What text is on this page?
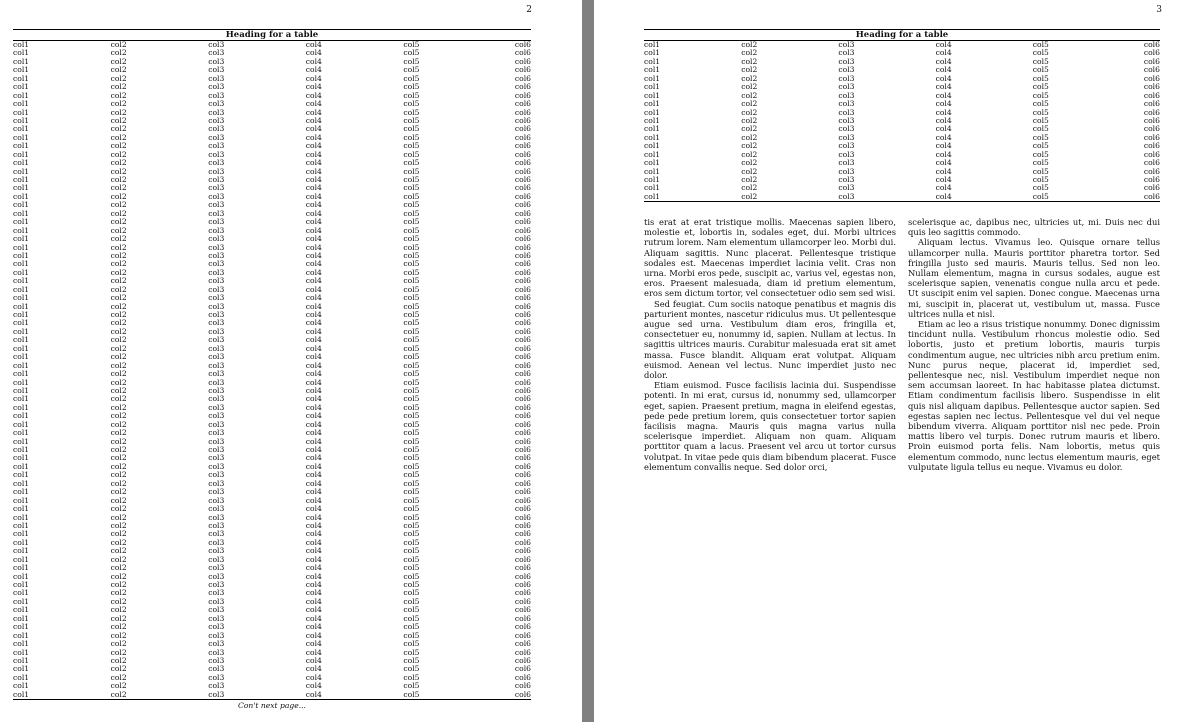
2
Heading for a table
col1	col2	col3	col4	col5	col6
col1	col2	col3	col4	col5	col6
col1	col2	col3	col4	col5	col6
col1	col2	col3	col4	col5	col6
col1	col2	col3	col4	col5	col6
col1	col2	col3	col4	col5	col6
col1	col2	col3	col4	col5	col6
col1	col2	col3	col4	col5	col6
col1	col2	col3	col4	col5	col6
col1	col2	col3	col4	col5	col6
col1	col2	col3	col4	col5	col6
col1	col2	col3	col4	col5	col6
col1	col2	col3	col4	col5	col6
col1	col2	col3	col4	col5	col6
col1	col2	col3	col4	col5	col6
col1	col2	col3	col4	col5	col6
col1	col2	col3	col4	col5	col6
col1	col2	col3	col4	col5	col6
col1	col2	col3	col4	col5	col6
col1	col2	col3	col4	col5	col6
col1	col2	col3	col4	col5	col6
col1	col2	col3	col4	col5	col6
col1	col2	col3	col4	col5	col6
col1	col2	col3	col4	col5	col6
col1	col2	col3	col4	col5	col6
col1	col2	col3	col4	col5	col6
col1	col2	col3	col4	col5	col6
col1	col2	col3	col4	col5	col6
col1	col2	col3	col4	col5	col6
col1	col2	col3	col4	col5	col6
col1	col2	col3	col4	col5	col6
col1	col2	col3	col4	col5	col6
col1	col2	col3	col4	col5	col6
col1	col2	col3	col4	col5	col6
col1	col2	col3	col4	col5	col6
col1	col2	col3	col4	col5	col6
col1	col2	col3	col4	col5	col6
col1	col2	col3	col4	col5	col6
col1	col2	col3	col4	col5	col6
col1	col2	col3	col4	col5	col6
col1	col2	col3	col4	col5	col6
col1	col2	col3	col4	col5	col6
col1	col2	col3	col4	col5	col6
col1	col2	col3	col4	col5	col6
col1	col2	col3	col4	col5	col6
col1	col2	col3	col4	col5	col6
col1	col2	col3	col4	col5	col6
col1	col2	col3	col4	col5	col6
col1	col2	col3	col4	col5	col6
col1	col2	col3	col4	col5	col6
col1	col2	col3	col4	col5	col6
col1	col2	col3	col4	col5	col6
col1	col2	col3	col4	col5	col6
col1	col2	col3	col4	col5	col6
col1	col2	col3	col4	col5	col6
col1	col2	col3	col4	col5	col6
col1	col2	col3	col4	col5	col6
col1	col2	col3	col4	col5	col6
col1	col2	col3	col4	col5	col6
col1	col2	col3	col4	col5	col6
col1	col2	col3	col4	col5	col6
col1	col2	col3	col4	col5	col6
col1	col2	col3	col4	col5	col6
col1	col2	col3	col4	col5	col6
col1	col2	col3	col4	col5	col6
col1	col2	col3	col4	col5	col6
col1	col2	col3	col4	col5	col6
col1	col2	col3	col4	col5	col6
col1	col2	col3	col4	col5	col6
col1	col2	col3	col4	col5	col6
col1	col2	col3	col4	col5	col6
col1	col2	col3	col4	col5	col6
col1	col2	col3	col4	col5	col6
col1	col2	col3	col4	col5	col6
col1	col2	col3	col4	col5	col6
col1	col2	col3	col4	col5	col6
col1	col2	col3	col4	col5	col6
col1	col2	col3	col4	col5	col6
Con't next page...
3
Heading for a table
col1	col2	col3	col4	col5	col6
col1	col2	col3	col4	col5	col6
col1	col2	col3	col4	col5	col6
col1	col2	col3	col4	col5	col6
col1	col2	col3	col4	col5	col6
col1	col2	col3	col4	col5	col6
col1	col2	col3	col4	col5	col6
col1	col2	col3	col4	col5	col6
col1	col2	col3	col4	col5	col6
col1	col2	col3	col4	col5	col6
col1	col2	col3	col4	col5	col6
col1	col2	col3	col4	col5	col6
col1	col2	col3	col4	col5	col6
col1	col2	col3	col4	col5	col6
col1	col2	col3	col4	col5	col6
col1	col2	col3	col4	col5	col6
col1	col2	col3	col4	col5	col6
col1	col2	col3	col4	col5	col6
col1	col2	col3	col4	col5	col6

tis erat at erat tristique mollis. Maecenas sapien libero, molestie et, lobortis in, sodales eget, dui. Morbi ultrices rutrum lorem. Nam elementum ullamcorper leo. Morbi dui. Aliquam sagittis. Nunc placerat. Pellentesque tristique sodales est. Maecenas imperdiet lacinia velit. Cras non urna. Morbi eros pede, suscipit ac, varius vel, egestas non, eros. Praesent malesuada, diam id pretium elementum, eros sem dictum tortor, vel consectetuer odio sem sed wisi.

Sed feugiat. Cum sociis natoque penatibus et magnis dis parturient montes, nascetur ridiculus mus. Ut pellentesque augue sed urna. Vestibulum diam eros, fringilla et, consectetuer eu, nonummy id, sapien. Nullam at lectus. In sagittis ultrices mauris. Curabitur malesuada erat sit amet massa. Fusce blandit. Aliquam erat volutpat. Aliquam euismod. Aenean vel lectus. Nunc imperdiet justo nec dolor.

Etiam euismod. Fusce facilisis lacinia dui. Suspendisse potenti. In mi erat, cursus id, nonummy sed, ullamcorper eget, sapien. Praesent pretium, magna in eleifend egestas, pede pede pretium lorem, quis consectetuer tortor sapien facilisis magna. Mauris quis magna varius nulla scelerisque imperdiet. Aliquam non quam. Aliquam porttitor quam a lacus. Praesent vel arcu ut tortor cursus volutpat. In vitae pede quis diam bibendum placerat. Fusce elementum convallis neque. Sed dolor orci,

scelerisque ac, dapibus nec, ultricies ut, mi. Duis nec dui quis leo sagittis commodo.

Aliquam lectus. Vivamus leo. Quisque ornare tellus ullamcorper nulla. Mauris porttitor pharetra tortor. Sed fringilla justo sed mauris. Mauris tellus. Sed non leo. Nullam elementum, magna in cursus sodales, augue est scelerisque sapien, venenatis congue nulla arcu et pede. Ut suscipit enim vel sapien. Donec congue. Maecenas urna mi, suscipit in, placerat ut, vestibulum ut, massa. Fusce ultrices nulla et nisl.

Etiam ac leo a risus tristique nonummy. Donec dignissim tincidunt nulla. Vestibulum rhoncus molestie odio. Sed lobortis, justo et pretium lobortis, mauris turpis condimentum augue, nec ultricies nibh arcu pretium enim. Nunc purus neque, placerat id, imperdiet sed, pellentesque nec, nisl. Vestibulum imperdiet neque non sem accumsan laoreet. In hac habitasse platea dictumst. Etiam condimentum facilisis libero. Suspendisse in elit quis nisl aliquam dapibus. Pellentesque auctor sapien. Sed egestas sapien nec lectus. Pellentesque vel dui vel neque bibendum viverra. Aliquam porttitor nisl nec pede. Proin mattis libero vel turpis. Donec rutrum mauris et libero. Proin euismod porta felis. Nam lobortis, metus quis elementum commodo, nunc lectus elementum mauris, eget vulputate ligula tellus eu neque. Vivamus eu dolor.
